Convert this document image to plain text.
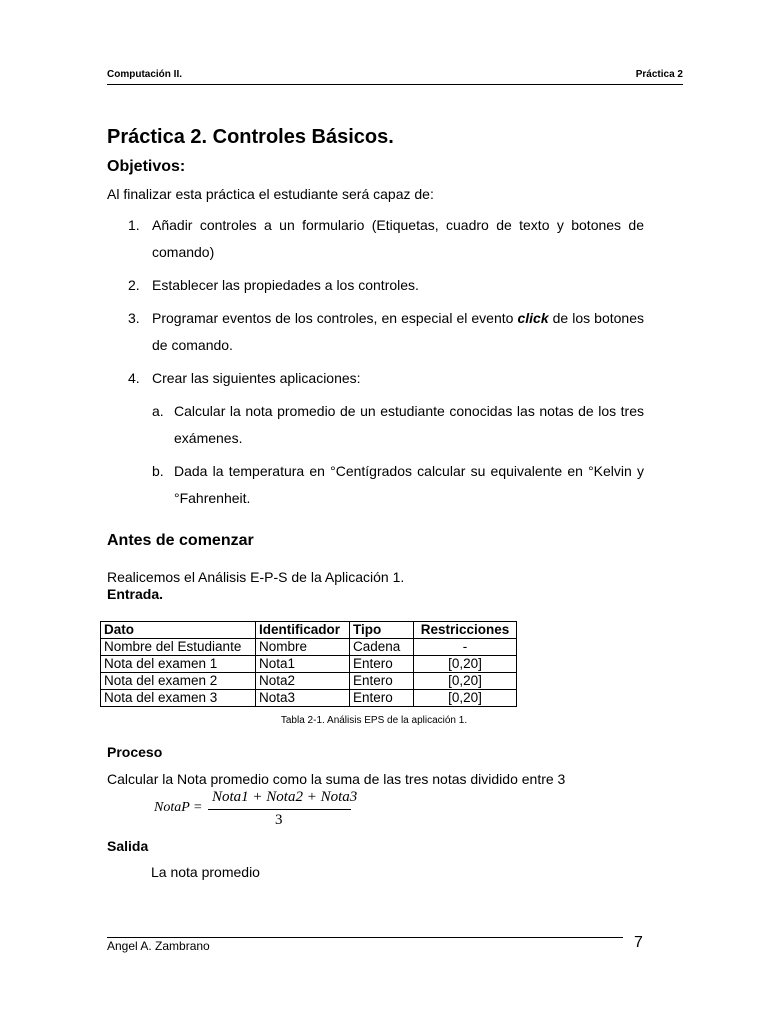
Computación II.	Práctica 2
Práctica 2. Controles Básicos.
Objetivos:
Al finalizar esta práctica el estudiante será capaz de:
1. Añadir controles a un formulario (Etiquetas, cuadro de texto y botones de comando)
2. Establecer las propiedades a los controles.
3. Programar eventos de los controles, en especial el evento click de los botones de comando.
4. Crear las siguientes aplicaciones:
a. Calcular la nota promedio de un estudiante conocidas las notas de los tres exámenes.
b. Dada la temperatura en °Centígrados calcular su equivalente en °Kelvin y °Fahrenheit.
Antes de comenzar
Realicemos el Análisis E-P-S de la Aplicación 1.
Entrada.
Dato	Identificador	Tipo	Restricciones
Nombre del Estudiante	Nombre	Cadena	-
Nota del examen 1	Nota1	Entero	[0,20]
Nota del examen 2	Nota2	Entero	[0,20]
Nota del examen 3	Nota3	Entero	[0,20]
Tabla 2-1. Análisis EPS de la aplicación 1.
Proceso
Calcular la Nota promedio como la suma de las tres notas dividido entre 3
NotaP =
Nota1 + Nota2 + Nota3
3
Salida
La nota promedio
Angel A. Zambrano	7
